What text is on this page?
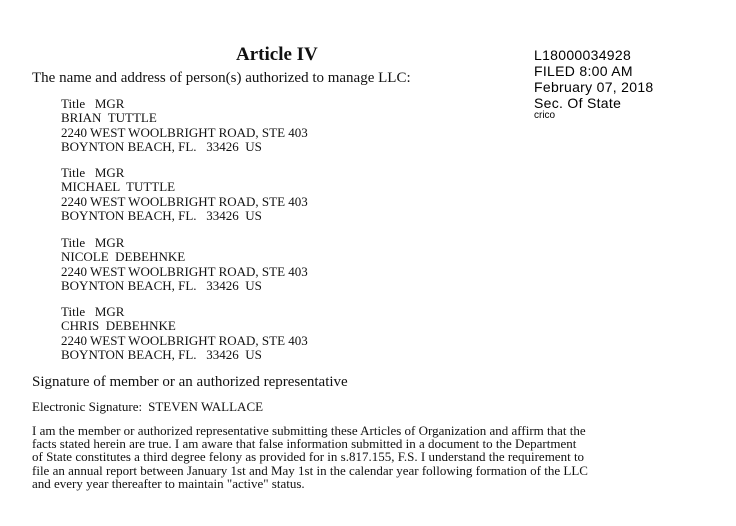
Article IV
The name and address of person(s) authorized to manage LLC:
L18000034928
FILED 8:00 AM
February 07, 2018
Sec. Of State
crico
Title   MGR
BRIAN  TUTTLE
2240 WEST WOOLBRIGHT ROAD, STE 403
BOYNTON BEACH, FL.   33426  US
Title   MGR
MICHAEL  TUTTLE
2240 WEST WOOLBRIGHT ROAD, STE 403
BOYNTON BEACH, FL.   33426  US
Title   MGR
NICOLE  DEBEHNKE
2240 WEST WOOLBRIGHT ROAD, STE 403
BOYNTON BEACH, FL.   33426  US
Title   MGR
CHRIS  DEBEHNKE
2240 WEST WOOLBRIGHT ROAD, STE 403
BOYNTON BEACH, FL.   33426  US
Signature of member or an authorized representative
Electronic Signature: STEVEN WALLACE
I am the member or authorized representative submitting these Articles of Organization and affirm that the
facts stated herein are true. I am aware that false information submitted in a document to the Department
of State constitutes a third degree felony as provided for in s.817.155, F.S. I understand the requirement to
file an annual report between January 1st and May 1st in the calendar year following formation of the LLC
and every year thereafter to maintain "active" status.
